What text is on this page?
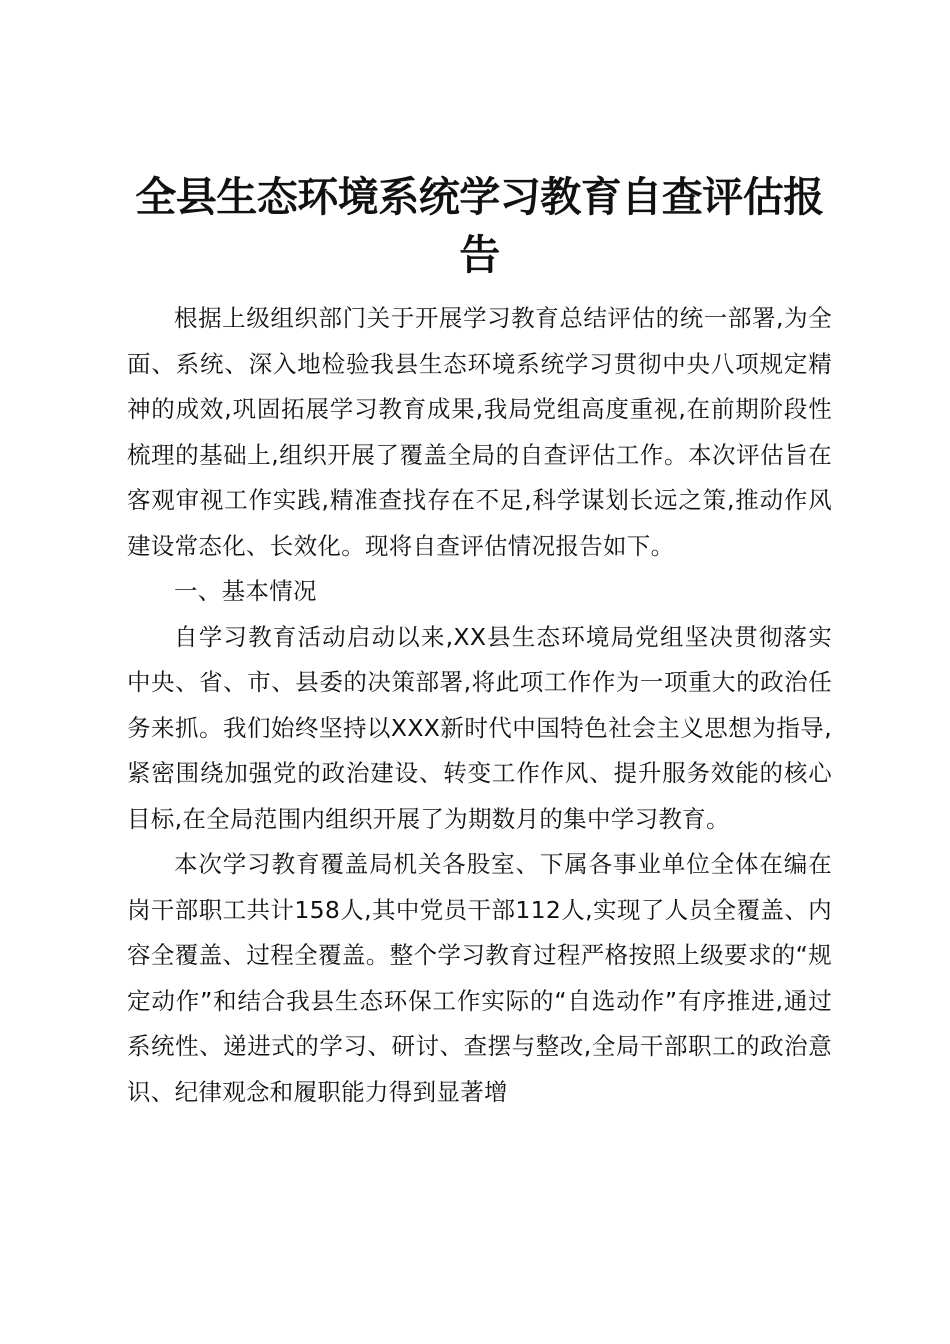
全县生态环境系统学习教育自查评估报告

根据上级组织部门关于开展学习教育总结评估的统一部署,为全面、系统、深入地检验我县生态环境系统学习贯彻中央八项规定精神的成效,巩固拓展学习教育成果,我局党组高度重视,在前期阶段性梳理的基础上,组织开展了覆盖全局的自查评估工作。本次评估旨在客观审视工作实践,精准查找存在不足,科学谋划长远之策,推动作风建设常态化、长效化。现将自查评估情况报告如下。

一、基本情况

自学习教育活动启动以来,XX县生态环境局党组坚决贯彻落实中央、省、市、县委的决策部署,将此项工作作为一项重大的政治任务来抓。我们始终坚持以XXX新时代中国特色社会主义思想为指导,紧密围绕加强党的政治建设、转变工作作风、提升服务效能的核心目标,在全局范围内组织开展了为期数月的集中学习教育。

本次学习教育覆盖局机关各股室、下属各事业单位全体在编在岗干部职工共计158人,其中党员干部112人,实现了人员全覆盖、内容全覆盖、过程全覆盖。整个学习教育过程严格按照上级要求的“规定动作”和结合我县生态环保工作实际的“自选动作”有序推进,通过系统性、递进式的学习、研讨、查摆与整改,全局干部职工的政治意识、纪律观念和履职能力得到显著增
